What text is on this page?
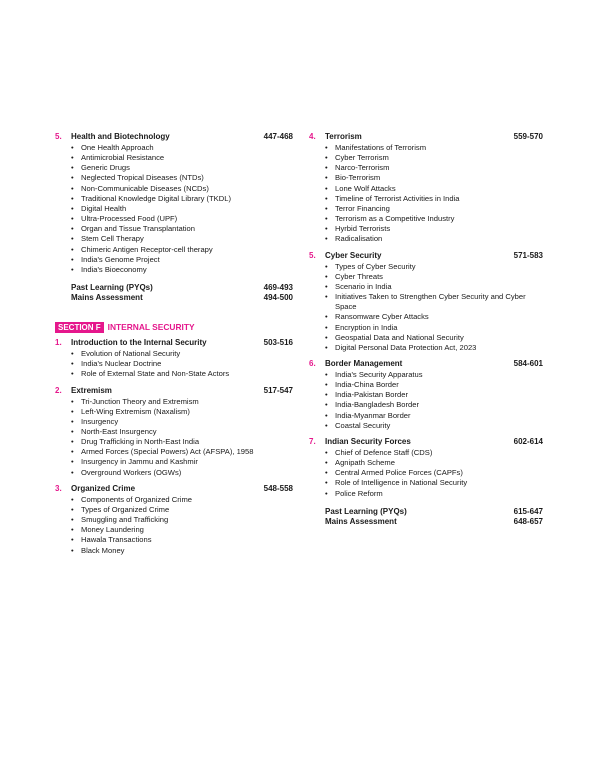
5.	Health and Biotechnology	447-468
• One Health Approach
• Antimicrobial Resistance
• Generic Drugs
• Neglected Tropical Diseases (NTDs)
• Non-Communicable Diseases (NCDs)
• Traditional Knowledge Digital Library (TKDL)
• Digital Health
• Ultra-Processed Food (UPF)
• Organ and Tissue Transplantation
• Stem Cell Therapy
• Chimeric Antigen Receptor-cell therapy
• India's Genome Project
• India's Bioeconomy
Past Learning (PYQs)	469-493
Mains Assessment	494-500
SECTION F INTERNAL SECURITY
1.	Introduction to the Internal Security	503-516
• Evolution of National Security
• India's Nuclear Doctrine
• Role of External State and Non-State Actors
2.	Extremism	517-547
• Tri-Junction Theory and Extremism
• Left-Wing Extremism (Naxalism)
• Insurgency
• North-East Insurgency
• Drug Trafficking in North-East India
• Armed Forces (Special Powers) Act (AFSPA), 1958
• Insurgency in Jammu and Kashmir
• Overground Workers (OGWs)
3.	Organized Crime	548-558
• Components of Organized Crime
• Types of Organized Crime
• Smuggling and Trafficking
• Money Laundering
• Hawala Transactions
• Black Money
4.	Terrorism	559-570
• Manifestations of Terrorism
• Cyber Terrorism
• Narco-Terrorism
• Bio-Terrorism
• Lone Wolf Attacks
• Timeline of Terrorist Activities in India
• Terror Financing
• Terrorism as a Competitive Industry
• Hyrbid Terrorists
• Radicalisation
5.	Cyber Security	571-583
• Types of Cyber Security
• Cyber Threats
• Scenario in India
• Initiatives Taken to Strengthen Cyber Security and Cyber Space
• Ransomware Cyber Attacks
• Encryption in India
• Geospatial Data and National Security
• Digital Personal Data Protection Act, 2023
6.	Border Management	584-601
• India's Security Apparatus
• India-China Border
• India-Pakistan Border
• India-Bangladesh Border
• India-Myanmar Border
• Coastal Security
7.	Indian Security Forces	602-614
• Chief of Defence Staff (CDS)
• Agnipath Scheme
• Central Armed Police Forces (CAPFs)
• Role of Intelligence in National Security
• Police Reform
Past Learning (PYQs)	615-647
Mains Assessment	648-657
